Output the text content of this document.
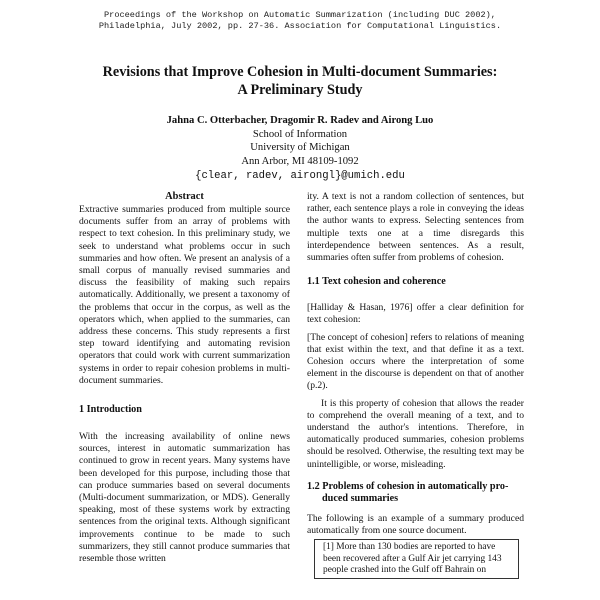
Proceedings of the Workshop on Automatic Summarization (including DUC 2002),
Philadelphia, July 2002, pp. 27-36. Association for Computational Linguistics.
Revisions that Improve Cohesion in Multi-document Summaries:
A Preliminary Study
Jahna C. Otterbacher, Dragomir R. Radev and Airong Luo
School of Information
University of Michigan
Ann Arbor, MI 48109-1092
{clear, radev, airongl}@umich.edu
Abstract

Extractive summaries produced from multiple source documents suffer from an array of problems with respect to text cohesion. In this preliminary study, we seek to understand what problems occur in such summaries and how often. We present an analysis of a small corpus of manually revised summaries and discuss the feasibility of making such repairs automatically. Additionally, we present a taxonomy of the problems that occur in the corpus, as well as the operators which, when applied to the summaries, can address these concerns. This study represents a first step toward identifying and automating revision operators that could work with current summarization systems in order to repair cohesion problems in multi-document summaries.

1 Introduction

With the increasing availability of online news sources, interest in automatic summarization has continued to grow in recent years. Many systems have been developed for this purpose, including those that can produce summaries based on several documents (Multi-document summarization, or MDS). Generally speaking, most of these systems work by extracting sentences from the original texts. Although significant improvements continue to be made to such summarizers, they still cannot produce summaries that resemble those written

ity. A text is not a random collection of sentences, but rather, each sentence plays a role in conveying the ideas the author wants to express. Selecting sentences from multiple texts one at a time disregards this interdependence between sentences. As a result, summaries often suffer from problems of cohesion.

1.1 Text cohesion and coherence

[Halliday & Hasan, 1976] offer a clear definition for text cohesion:

[The concept of cohesion] refers to relations of meaning that exist within the text, and that define it as a text. Cohesion occurs where the interpretation of some element in the discourse is dependent on that of another (p.2).

It is this property of cohesion that allows the reader to comprehend the overall meaning of a text, and to understand the author's intentions. Therefore, in automatically produced summaries, cohesion problems should be resolved. Otherwise, the resulting text may be unintelligible, or worse, misleading.

1.2 Problems of cohesion in automatically pro-
duced summaries

The following is an example of a summary produced automatically from one source document.

[1] More than 130 bodies are reported to have been recovered after a Gulf Air jet carrying 143 people crashed into the Gulf off Bahrain on
